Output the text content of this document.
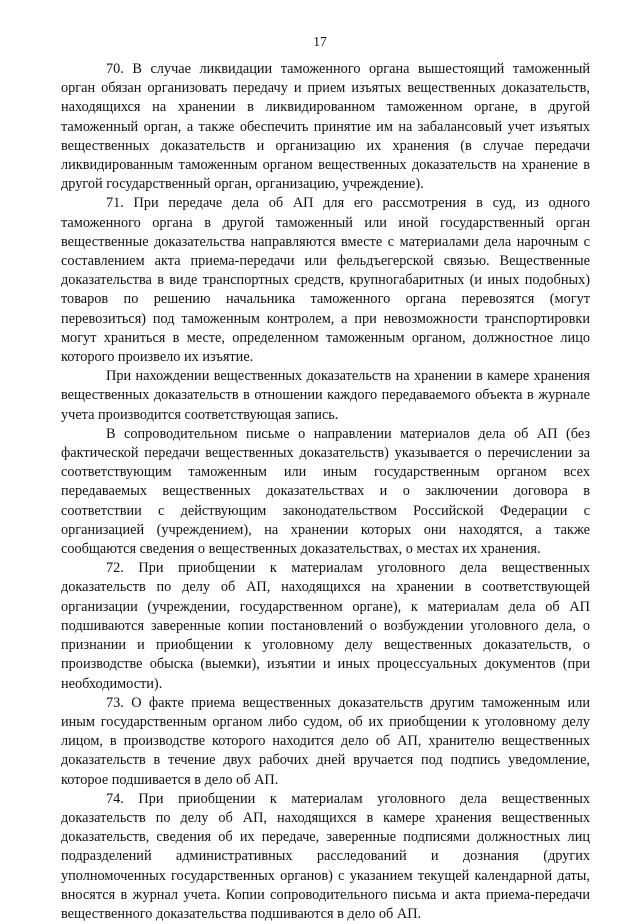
17

70. В случае ликвидации таможенного органа вышестоящий таможенный орган обязан организовать передачу и прием изъятых вещественных доказательств, находящихся на хранении в ликвидированном таможенном органе, в другой таможенный орган, а также обеспечить принятие им на забалансовый учет изъятых вещественных доказательств и организацию их хранения (в случае передачи ликвидированным таможенным органом вещественных доказательств на хранение в другой государственный орган, организацию, учреждение).

71. При передаче дела об АП для его рассмотрения в суд, из одного таможенного органа в другой таможенный или иной государственный орган вещественные доказательства направляются вместе с материалами дела нарочным с составлением акта приема-передачи или фельдъегерской связью. Вещественные доказательства в виде транспортных средств, крупногабаритных (и иных подобных) товаров по решению начальника таможенного органа перевозятся (могут перевозиться) под таможенным контролем, а при невозможности транспортировки могут храниться в месте, определенном таможенным органом, должностное лицо которого произвело их изъятие.

При нахождении вещественных доказательств на хранении в камере хранения вещественных доказательств в отношении каждого передаваемого объекта в журнале учета производится соответствующая запись.

В сопроводительном письме о направлении материалов дела об АП (без фактической передачи вещественных доказательств) указывается о перечислении за соответствующим таможенным или иным государственным органом всех передаваемых вещественных доказательствах и о заключении договора в соответствии с действующим законодательством Российской Федерации с организацией (учреждением), на хранении которых они находятся, а также сообщаются сведения о вещественных доказательствах, о местах их хранения.

72. При приобщении к материалам уголовного дела вещественных доказательств по делу об АП, находящихся на хранении в соответствующей организации (учреждении, государственном органе), к материалам дела об АП подшиваются заверенные копии постановлений о возбуждении уголовного дела, о признании и приобщении к уголовному делу вещественных доказательств, о производстве обыска (выемки), изъятии и иных процессуальных документов (при необходимости).

73. О факте приема вещественных доказательств другим таможенным или иным государственным органом либо судом, об их приобщении к уголовному делу лицом, в производстве которого находится дело об АП, хранителю вещественных доказательств в течение двух рабочих дней вручается под подпись уведомление, которое подшивается в дело об АП.

74. При приобщении к материалам уголовного дела вещественных доказательств по делу об АП, находящихся в камере хранения вещественных доказательств, сведения об их передаче, заверенные подписями должностных лиц подразделений административных расследований и дознания (других уполномоченных государственных органов) с указанием текущей календарной даты, вносятся в журнал учета. Копии сопроводительного письма и акта приема-передачи вещественного доказательства подшиваются в дело об АП.
